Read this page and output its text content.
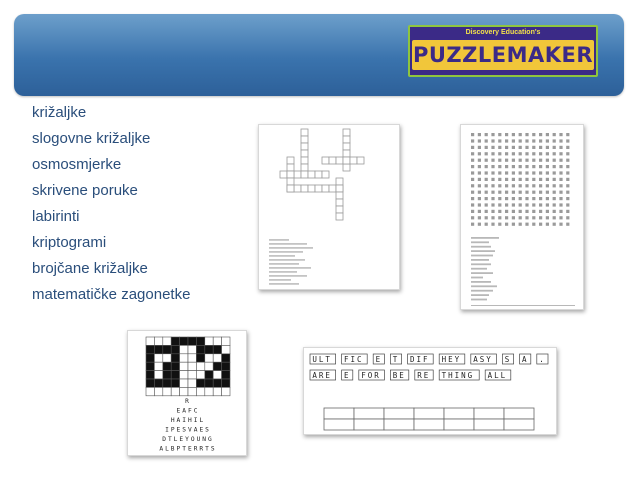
Discovery Education's
PUZZLEMAKER
križaljke
slogovne križaljke
osmosmjerke
skrivene poruke
labirinti
kriptogrami
brojčane križaljke
matematičke zagonetke
R
EAFC
HAIHIL
IPESVAES
DTLEYOUNG
ALBPTERRTS
ULT FIC E T DIF HEY ASY S A .
ARE E FOR BE RE THING ALL
